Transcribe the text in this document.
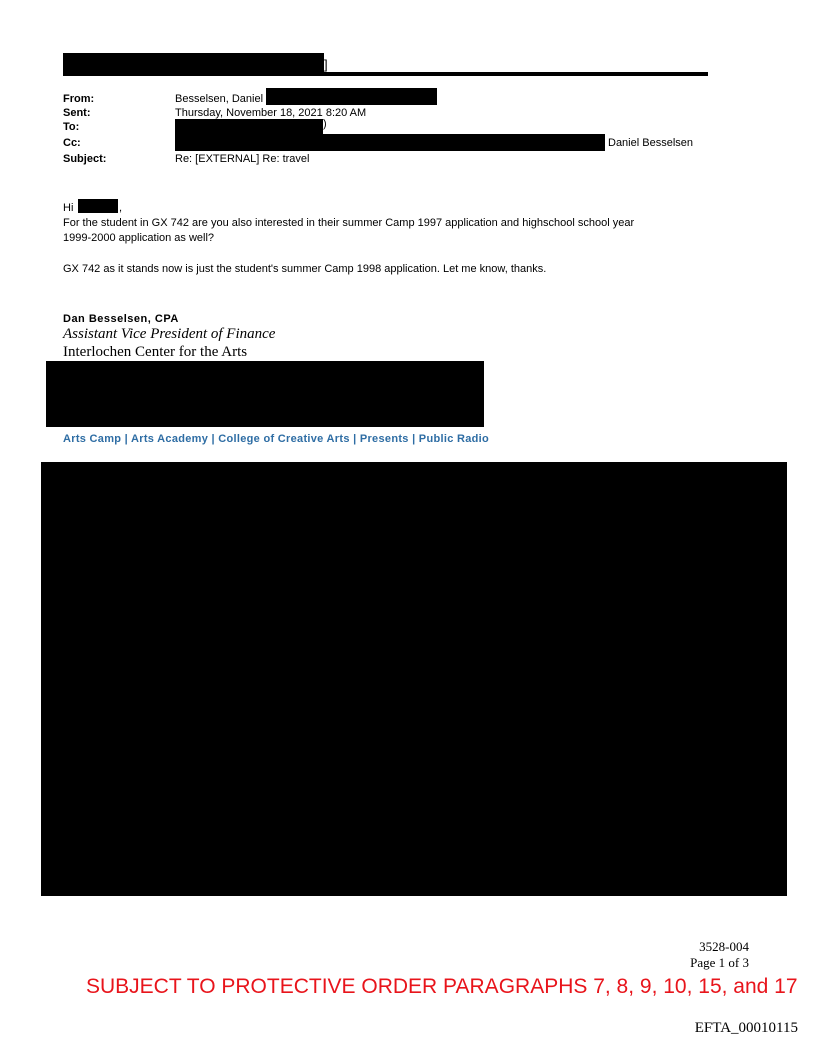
]
From:	Besselsen, Daniel
Sent:	Thursday, November 18, 2021 8:20 AM
To:	)
Cc:	Daniel Besselsen
Subject:	Re: [EXTERNAL] Re: travel
Hi	,
For the student in GX 742 are you also interested in their summer Camp 1997 application and highschool school year
1999-2000 application as well?
GX 742 as it stands now is just the student's summer Camp 1998 application. Let me know, thanks.
Dan Besselsen, CPA
Assistant Vice President of Finance
Interlochen Center for the Arts
Arts Camp | Arts Academy | College of Creative Arts | Presents | Public Radio
3528-004
Page 1 of 3
SUBJECT TO PROTECTIVE ORDER PARAGRAPHS 7, 8, 9, 10, 15, and 17
EFTA_00010115
